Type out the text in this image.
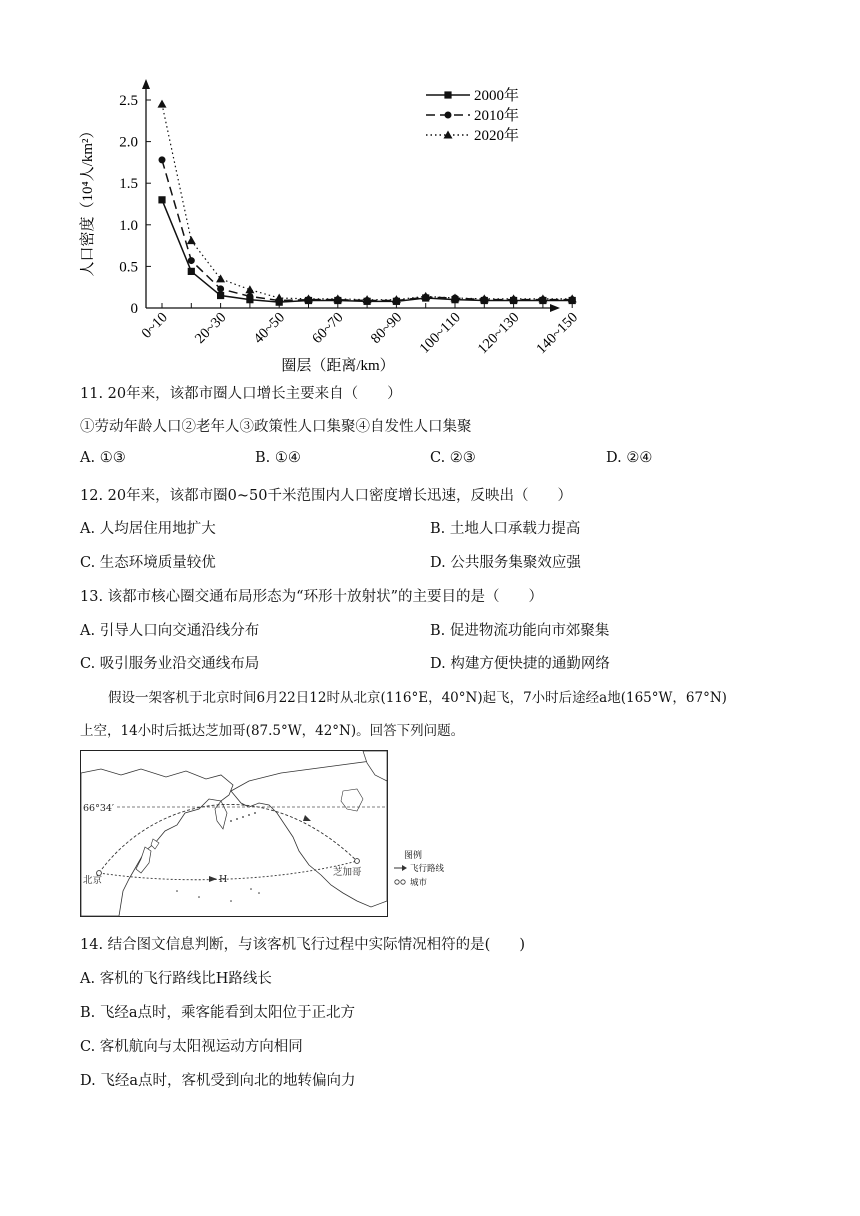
0
0.5
1.0
1.5
2.0
2.5
0~10 20~30 40~50 60~70 80~90 100~110 120~130 140~150
人口密度（10⁴人/km²）
圈层（距离/km）
2000年
2010年
2020年
11. 20年来，该都市圈人口增长主要来自（　　）
①劳动年龄人口②老年人③政策性人口集聚④自发性人口集聚
A. ①③	B. ①④	C. ②③	D. ②④
12. 20年来，该都市圈0~50千米范围内人口密度增长迅速，反映出（　　）
A. 人均居住用地扩大	B. 土地人口承载力提高
C. 生态环境质量较优	D. 公共服务集聚效应强
13. 该都市核心圈交通布局形态为“环形十放射状”的主要目的是（　　）
A. 引导人口向交通沿线分布	B. 促进物流功能向市郊聚集
C. 吸引服务业沿交通线布局	D. 构建方便快捷的通勤网络
假设一架客机于北京时间6月22日12时从北京(116°E，40°N)起飞，7小时后途经a地(165°W，67°N)
上空，14小时后抵达芝加哥(87.5°W，42°N)。回答下列问题。
66°34′
北京	H
芝加哥
图例
飞行路线
城市
14. 结合图文信息判断，与该客机飞行过程中实际情况相符的是(　　)
A. 客机的飞行路线比H路线长
B. 飞经a点时，乘客能看到太阳位于正北方
C. 客机航向与太阳视运动方向相同
D. 飞经a点时，客机受到向北的地转偏向力
